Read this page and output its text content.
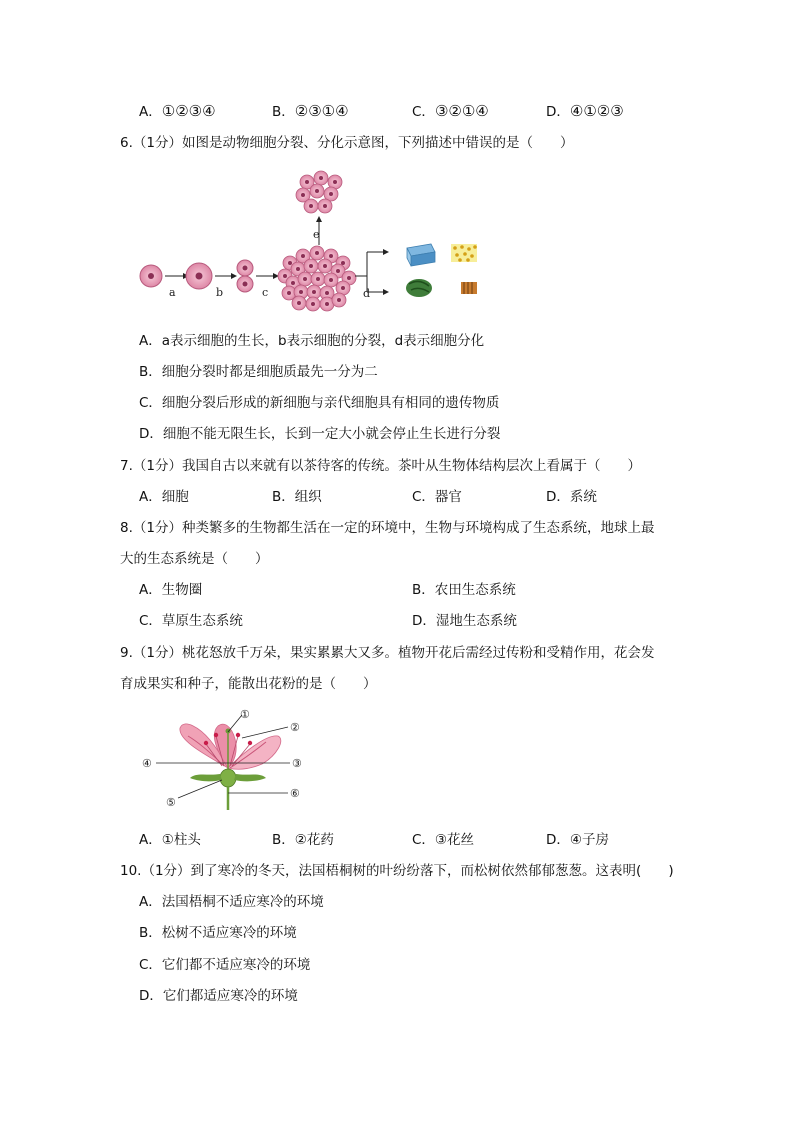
A．①②③④	B．②③①④	C．③②①④	D．④①②③
6.（1分）如图是动物细胞分裂、分化示意图，下列描述中错误的是（　　）
a	b	c
e
d
A．a表示细胞的生长，b表示细胞的分裂，d表示细胞分化
B．细胞分裂时都是细胞质最先一分为二
C．细胞分裂后形成的新细胞与亲代细胞具有相同的遗传物质
D．细胞不能无限生长，长到一定大小就会停止生长进行分裂
7.（1分）我国自古以来就有以茶待客的传统。茶叶从生物体结构层次上看属于（　　）
A．细胞	B．组织	C．器官	D．系统
8.（1分）种类繁多的生物都生活在一定的环境中，生物与环境构成了生态系统，地球上最
大的生态系统是（　　）
A．生物圈	B．农田生态系统
C．草原生态系统	D．湿地生态系统
9.（1分）桃花怒放千万朵，果实累累大又多。植物开花后需经过传粉和受精作用，花会发
育成果实和种子，能散出花粉的是（　　）
①
②
③
④
⑤
⑥
A．①柱头	B．②花药	C．③花丝	D．④子房
10.（1分）到了寒冷的冬天，法国梧桐树的叶纷纷落下，而松树依然郁郁葱葱。这表明(　　)
A．法国梧桐不适应寒冷的环境
B．松树不适应寒冷的环境
C．它们都不适应寒冷的环境
D．它们都适应寒冷的环境
